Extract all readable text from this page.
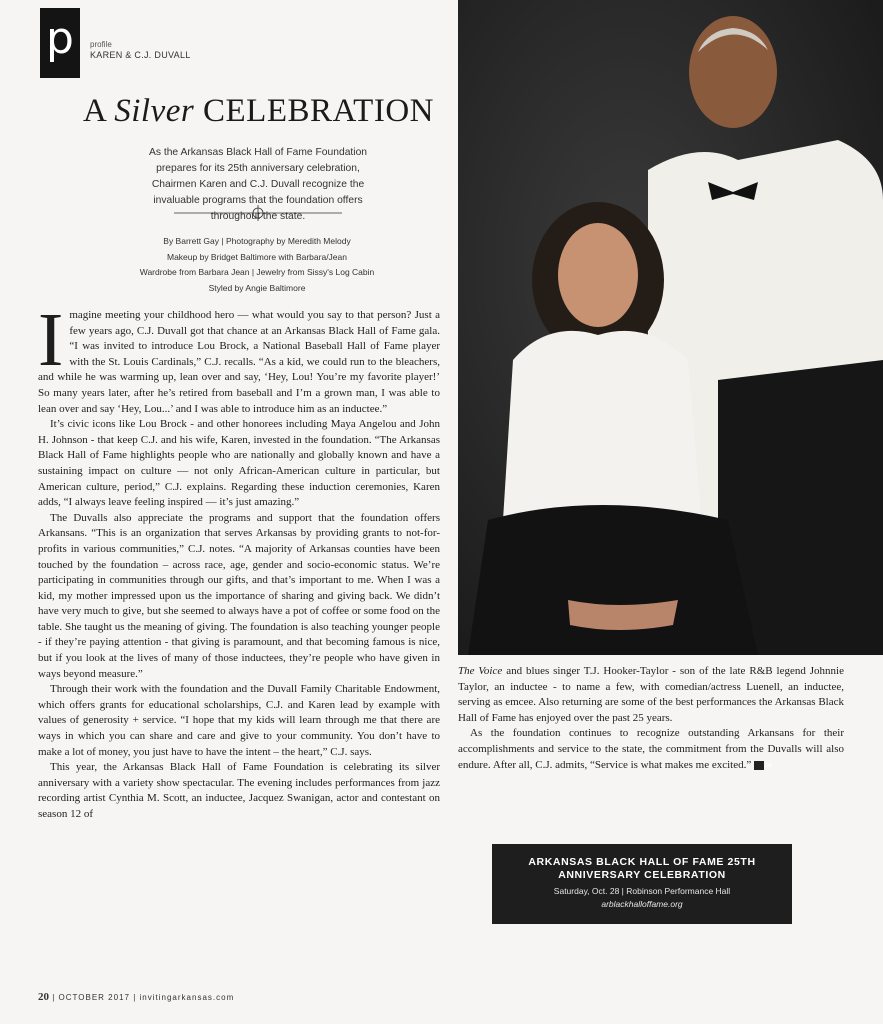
p	profile
KAREN & C.J. DUVALL
A Silver CELEBRATION
As the Arkansas Black Hall of Fame Foundation prepares for its 25th anniversary celebration, Chairmen Karen and C.J. Duvall recognize the invaluable programs that the foundation offers throughout the state.
By Barrett Gay | Photography by Meredith Melody
Makeup by Bridget Baltimore with Barbara/Jean
Wardrobe from Barbara Jean | Jewelry from Sissy's Log Cabin
Styled by Angie Baltimore

Imagine meeting your childhood hero — what would you say to that person? Just a few years ago, C.J. Duvall got that chance at an Arkansas Black Hall of Fame gala. “I was invited to introduce Lou Brock, a National Baseball Hall of Fame player with the St. Louis Cardinals,” C.J. recalls. “As a kid, we could run to the bleachers, and while he was warming up, lean over and say, ‘Hey, Lou! You’re my favorite player!’ So many years later, after he’s retired from baseball and I’m a grown man, I was able to lean over and say ‘Hey, Lou...’ and I was able to introduce him as an inductee.”

It’s civic icons like Lou Brock - and other honorees including Maya Angelou and John H. Johnson - that keep C.J. and his wife, Karen, invested in the foundation. “The Arkansas Black Hall of Fame highlights people who are nationally and globally known and have a sustaining impact on culture — not only African-American culture in particular, but American culture, period,” C.J. explains. Regarding these induction ceremonies, Karen adds, “I always leave feeling inspired — it’s just amazing.”

The Duvalls also appreciate the programs and support that the foundation offers Arkansans. “This is an organization that serves Arkansas by providing grants to not-for-profits in various communities,” C.J. notes. “A majority of Arkansas counties have been touched by the foundation – across race, age, gender and socio-economic status. We’re participating in communities through our gifts, and that’s important to me. When I was a kid, my mother impressed upon us the importance of sharing and giving back. We didn’t have very much to give, but she seemed to always have a pot of coffee or some food on the table. She taught us the meaning of giving. The foundation is also teaching younger people - if they’re paying attention - that giving is paramount, and that becoming famous is nice, but if you look at the lives of many of those inductees, they’re people who have given in ways beyond measure.”

Through their work with the foundation and the Duvall Family Charitable Endowment, which offers grants for educational scholarships, C.J. and Karen lead by example with values of generosity + service. “I hope that my kids will learn through me that there are ways in which you can share and care and give to your community. You don’t have to make a lot of money, you just have to have the intent – the heart,” C.J. says.

This year, the Arkansas Black Hall of Fame Foundation is celebrating its silver anniversary with a variety show spectacular. The evening includes performances from jazz recording artist Cynthia M. Scott, an inductee, Jacquez Swanigan, actor and contestant on season 12 of

The Voice and blues singer T.J. Hooker-Taylor - son of the late R&B legend Johnnie Taylor, an inductee - to name a few, with comedian/actress Luenell, an inductee, serving as emcee. Also returning are some of the best performances the Arkansas Black Hall of Fame has enjoyed over the past 25 years.

As the foundation continues to recognize outstanding Arkansans for their accomplishments and service to the state, the commitment from the Duvalls will also endure. After all, C.J. admits, “Service is what makes me excited.” IA

ARKANSAS BLACK HALL OF FAME 25TH ANNIVERSARY CELEBRATION
Saturday, Oct. 28 | Robinson Performance Hall
arblackhalloffame.org
20 | OCTOBER 2017 | invitingarkansas.com
